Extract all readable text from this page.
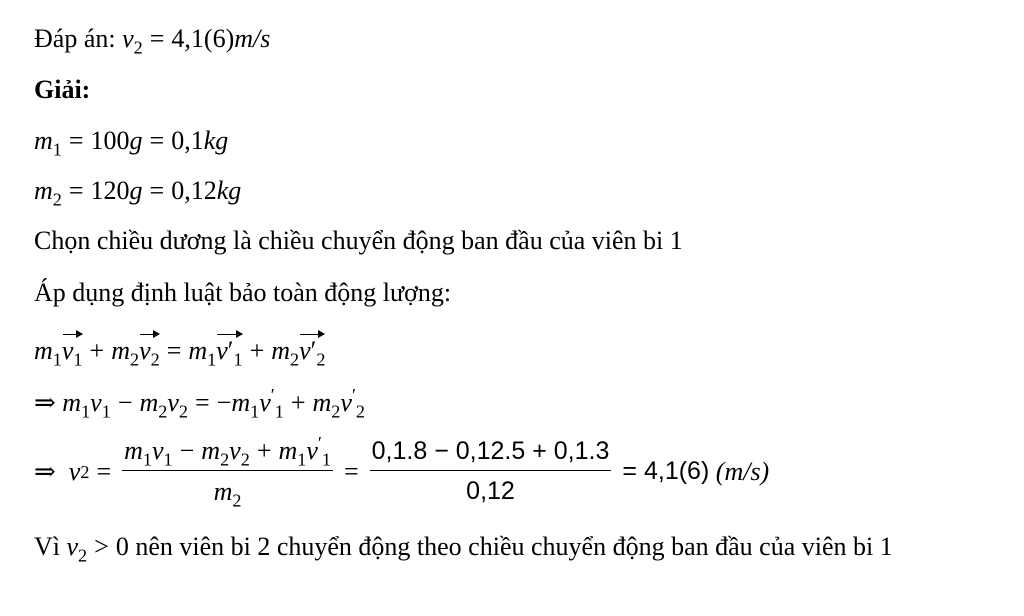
Đáp án: $v_2 = 4,1(6)m/s$
Giải:
$m_1 = 100g = 0,1kg$
$m_2 = 120g = 0,12kg$
Chọn chiều dương là chiều chuyển động ban đầu của viên bi 1
Áp dụng định luật bảo toàn động lượng:
$m_1v_1 + m_2v_2 = m_1v'_1 + m_2v'_2$
⇒ $m_1v_1 - m_2v_2 = -m_1v'_1 + m_2v'_2$
⇒
v $2 = \frac{m_1v_1 - m_2v_2 + m_1v'_1}{m_2} = \frac{0,1.8 - 0,12.5 + 0,1.3}{0,12} = 4,1(6)$
(m/s)
Vì $v_2 > 0$ nên viên bi 2 chuyển động theo chiều chuyển động ban đầu của viên bi 1
